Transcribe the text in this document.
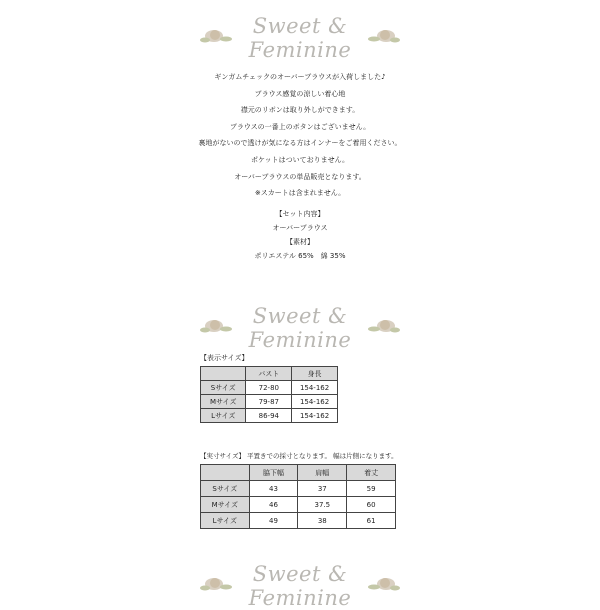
Sweet & Feminine

ギンガムチェックのオーバーブラウスが入荷しました♪

ブラウス感覚の涼しい着心地

襟元のリボンは取り外しができます。

ブラウスの一番上のボタンはございません。

裏地がないので透けが気になる方はインナーをご着用ください。

ポケットはついておりません。

オーバーブラウスの単品販売となります。

※スカートは含まれません。

【セット内容】

オーバーブラウス

【素材】

ポリエステル 65%　綿 35%

Sweet & Feminine
【表示サイズ】
	バスト	身長
Sサイズ	72-80	154-162
Mサイズ	79-87	154-162
Lサイズ	86-94	154-162
【実寸サイズ】 平置きでの採寸となります。 幅は片側になります。
	脇下幅	肩幅	着丈
Sサイズ	43	37	59
Mサイズ	46	37.5	60
Lサイズ	49	38	61
Sweet & Feminine
